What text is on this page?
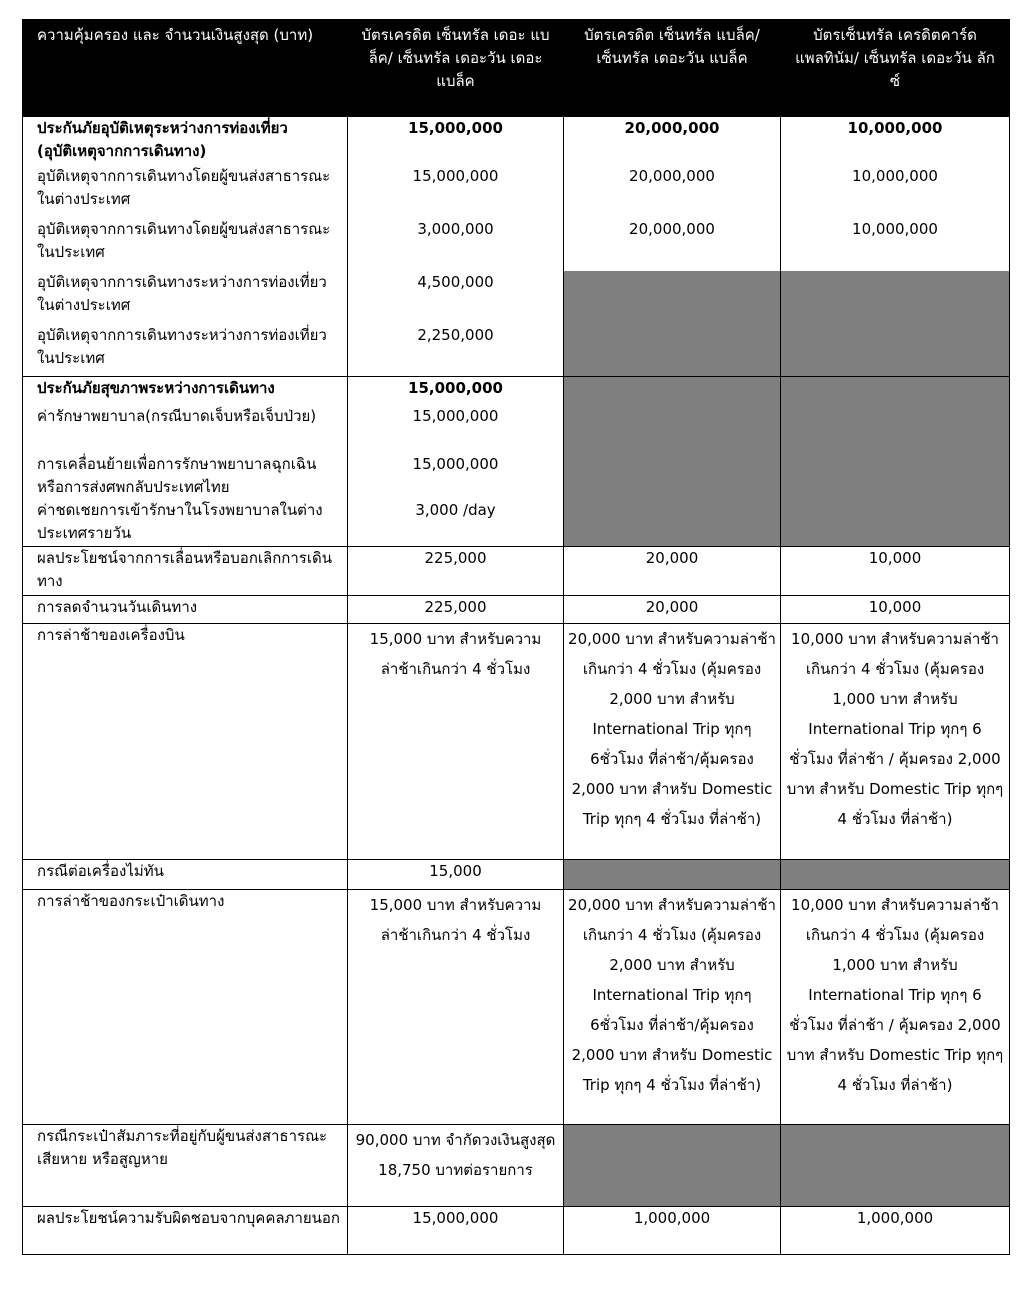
ความคุ้มครอง และ จำนวนเงินสูงสุด (บาท)	บัตรเครดิต เซ็นทรัล เดอะ แบล็ค/ เซ็นทรัล เดอะวัน เดอะ แบล็ค	บัตรเครดิต เซ็นทรัล แบล็ค/ เซ็นทรัล เดอะวัน แบล็ค	บัตรเซ็นทรัล เครดิตคาร์ด แพลทินัม/ เซ็นทรัล เดอะวัน ลักซ์

ประกันภัยอุบัติเหตุระหว่างการท่องเที่ยว (อุบัติเหตุจากการเดินทาง)	15,000,000	20,000,000	10,000,000

อุบัติเหตุจากการเดินทางโดยผู้ขนส่งสาธารณะในต่างประเทศ	15,000,000	20,000,000	10,000,000

อุบัติเหตุจากการเดินทางโดยผู้ขนส่งสาธารณะในประเทศ	3,000,000	20,000,000	10,000,000

อุบัติเหตุจากการเดินทางระหว่างการท่องเที่ยวในต่างประเทศ	4,500,000		

อุบัติเหตุจากการเดินทางระหว่างการท่องเที่ยวในประเทศ	2,250,000		

ประกันภัยสุขภาพระหว่างการเดินทาง	15,000,000		

ค่ารักษาพยาบาล(กรณีบาดเจ็บหรือเจ็บป่วย)	15,000,000		

การเคลื่อนย้ายเพื่อการรักษาพยาบาลฉุกเฉินหรือการส่งศพกลับประเทศไทย	15,000,000		

ค่าชดเชยการเข้ารักษาในโรงพยาบาลในต่างประเทศรายวัน	3,000 /day		

ผลประโยชน์จากการเลื่อนหรือบอกเลิกการเดินทาง	225,000	20,000	10,000

การลดจำนวนวันเดินทาง	225,000	20,000	10,000

การล่าช้าของเครื่องบิน	15,000 บาท สำหรับความล่าช้าเกินกว่า 4 ชั่วโมง	20,000 บาท สำหรับความล่าช้าเกินกว่า 4 ชั่วโมง (คุ้มครอง 2,000 บาท สำหรับ International Trip ทุกๆ 6ชั่วโมง ที่ล่าช้า/คุ้มครอง 2,000 บาท สำหรับ Domestic Trip ทุกๆ 4 ชั่วโมง ที่ล่าช้า)	10,000 บาท สำหรับความล่าช้าเกินกว่า 4 ชั่วโมง (คุ้มครอง 1,000 บาท สำหรับ International Trip ทุกๆ 6 ชั่วโมง ที่ล่าช้า / คุ้มครอง 2,000 บาท สำหรับ Domestic Trip ทุกๆ 4 ชั่วโมง ที่ล่าช้า)

กรณีต่อเครื่องไม่ทัน	15,000		

การล่าช้าของกระเป๋าเดินทาง	15,000 บาท สำหรับความล่าช้าเกินกว่า 4 ชั่วโมง	20,000 บาท สำหรับความล่าช้าเกินกว่า 4 ชั่วโมง (คุ้มครอง 2,000 บาท สำหรับ International Trip ทุกๆ 6ชั่วโมง ที่ล่าช้า/คุ้มครอง 2,000 บาท สำหรับ Domestic Trip ทุกๆ 4 ชั่วโมง ที่ล่าช้า)	10,000 บาท สำหรับความล่าช้าเกินกว่า 4 ชั่วโมง (คุ้มครอง 1,000 บาท สำหรับ International Trip ทุกๆ 6 ชั่วโมง ที่ล่าช้า / คุ้มครอง 2,000 บาท สำหรับ Domestic Trip ทุกๆ 4 ชั่วโมง ที่ล่าช้า)

กรณีกระเป๋าสัมภาระที่อยู่กับผู้ขนส่งสาธารณะเสียหาย หรือสูญหาย	90,000 บาท จำกัดวงเงินสูงสุด 18,750 บาทต่อรายการ		

ผลประโยชน์ความรับผิดชอบจากบุคคลภายนอก	15,000,000	1,000,000	1,000,000
